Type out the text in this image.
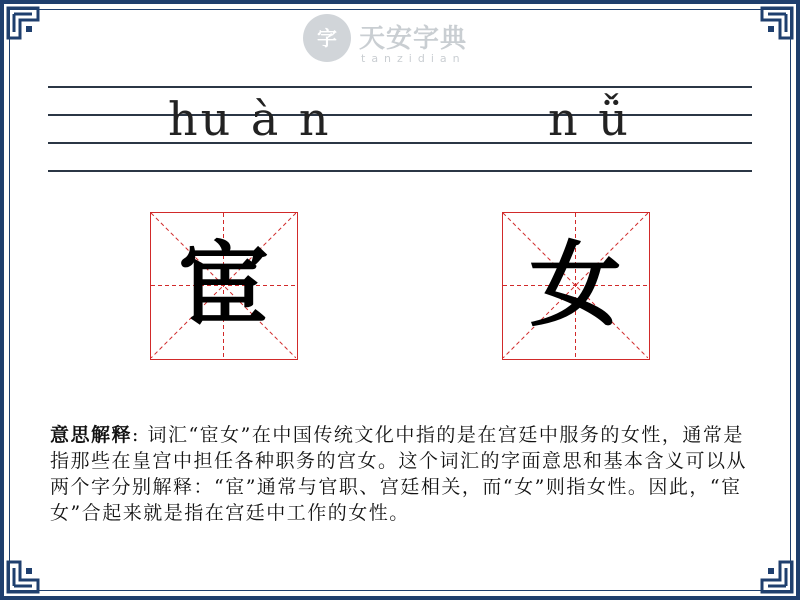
字 天安字典
tanzidian
hu à n	n ǚ
宦	女
意思解释: 词汇“宦女”在中国传统文化中指的是在宫廷中服务的女性，通常是指那些在皇宫中担任各种职务的宫女。这个词汇的字面意思和基本含义可以从两个字分别解释：“宦”通常与官职、宫廷相关，而“女”则指女性。因此，“宦女”合起来就是指在宫廷中工作的女性。
